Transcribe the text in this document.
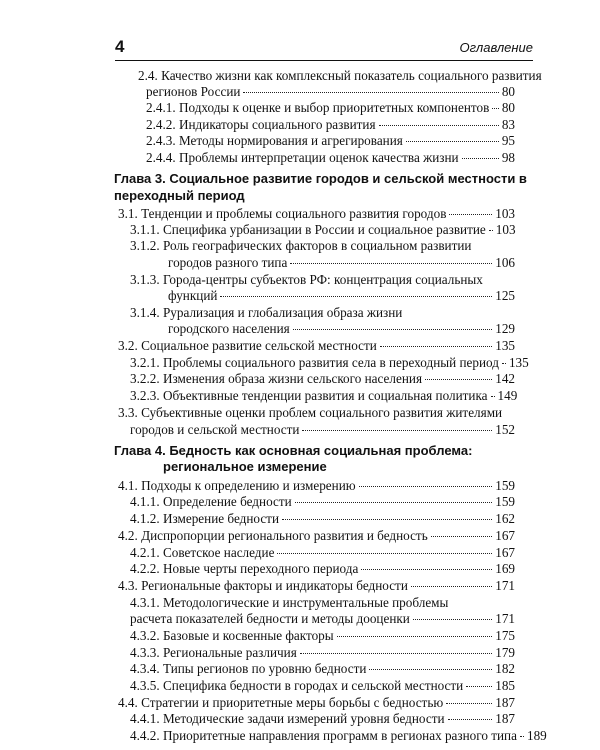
4	Оглавление
2.4. Качество жизни как комплексный показатель социального развития
регионов России	80
2.4.1. Подходы к оценке и выбор приоритетных компонентов 80
2.4.2. Индикаторы социального развития	83
2.4.3. Методы нормирования и агрегирования	95
2.4.4. Проблемы интерпретации оценок качества жизни	98
Глава 3. Социальное развитие городов и сельской местности в
переходный период
3.1. Тенденции и проблемы социального развития городов	103
3.1.1. Специфика урбанизации в России и социальное развитие 103
3.1.2. Роль географических факторов в социальном развитии
городов разного типа	106
3.1.3. Города-центры субъектов РФ: концентрация социальных
функций	125
3.1.4. Рурализация и глобализация образа жизни
городского населения	129
3.2. Социальное развитие сельской местности	135
3.2.1. Проблемы социального развития села в переходный период 135
3.2.2. Изменения образа жизни сельского населения	142
3.2.3. Объективные тенденции развития и социальная политика 149
3.3. Субъективные оценки проблем социального развития жителями
городов и сельской местности	152
Глава 4. Бедность как основная социальная проблема:
региональное измерение
4.1. Подходы к определению и измерению	159
4.1.1. Определение бедности	159
4.1.2. Измерение бедности	162
4.2. Диспропорции регионального развития и бедность	167
4.2.1. Советское наследие	167
4.2.2. Новые черты переходного периода	169
4.3. Региональные факторы и индикаторы бедности	171
4.3.1. Методологические и инструментальные проблемы
расчета показателей бедности и методы дооценки	171
4.3.2. Базовые и косвенные факторы	175
4.3.3. Региональные различия	179
4.3.4. Типы регионов по уровню бедности	182
4.3.5. Специфика бедности в городах и сельской местности 185
4.4. Стратегии и приоритетные меры борьбы с бедностью	187
4.4.1. Методические задачи измерений уровня бедности	187
4.4.2. Приоритетные направления программ в регионах разного типа 189
